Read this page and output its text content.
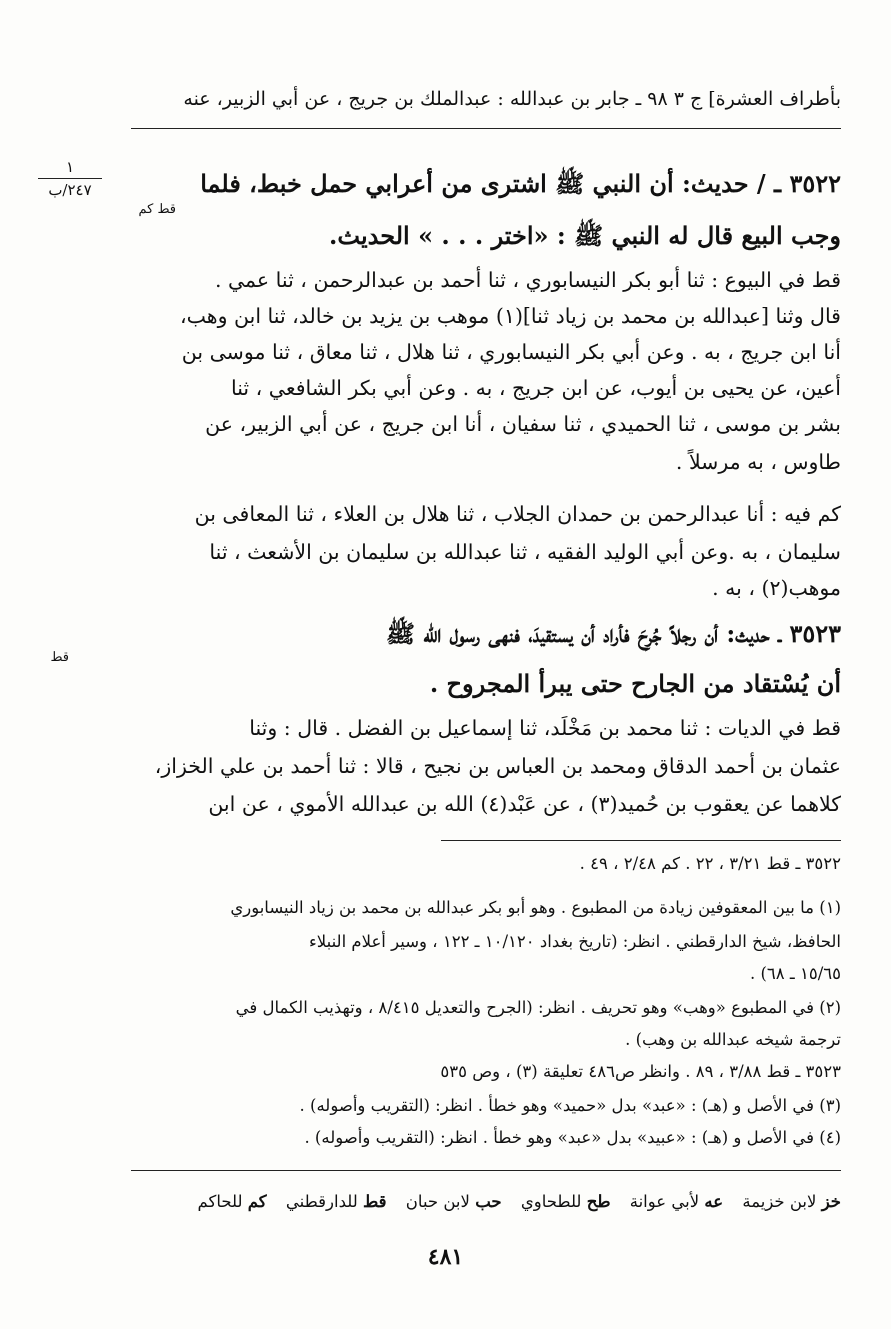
بأطراف العشرة] ج ٣ ٩٨ ـ جابر بن عبدالله : عبدالملك بن جريج ، عن أبي الزبير، عنه
١
٢٤٧/ب	٣٥٢٢ ـ / حديث: أن النبي ﷺ اشترى من أعرابي حمل خبط، فلما
قط كم
وجب البيع قال له النبي ﷺ : «اختر . . . » الحديث.
قط في البيوع : ثنا أبو بكر النيسابوري ، ثنا أحمد بن عبدالرحمن ، ثنا عمي .
قال وثنا [عبدالله بن محمد بن زياد ثنا](١) موهب بن يزيد بن خالد، ثنا ابن وهب،
أنا ابن جريج ، به . وعن أبي بكر النيسابوري ، ثنا هلال ، ثنا معاق ، ثنا موسى بن
أعين، عن يحيى بن أيوب، عن ابن جريج ، به . وعن أبي بكر الشافعي ، ثنا
بشر بن موسى ، ثنا الحميدي ، ثنا سفيان ، أنا ابن جريج ، عن أبي الزبير، عن
طاوس ، به مرسلاً .
كم فيه : أنا عبدالرحمن بن حمدان الجلاب ، ثنا هلال بن العلاء ، ثنا المعافى بن
سليمان ، به .وعن أبي الوليد الفقيه ، ثنا عبدالله بن سليمان بن الأشعث ، ثنا
موهب(٢) ، به .
٣٥٢٣ ـ حديث: أن رجلاً جُرِحَ فأراد أن يستقيدَ، فنهى رسول الله ﷺ
قط
أن يُسْتقاد من الجارح حتى يبرأ المجروح .
قط في الديات : ثنا محمد بن مَخْلَد، ثنا إسماعيل بن الفضل . قال : وثنا
عثمان بن أحمد الدقاق ومحمد بن العباس بن نجيح ، قالا : ثنا أحمد بن علي الخزاز،
كلاهما عن يعقوب بن حُميد(٣) ، عن عَبْد(٤) الله بن عبدالله الأموي ، عن ابن
٣٥٢٢ ـ قط ٣/٢١ ، ٢٢ . كم ٢/٤٨ ، ٤٩ .
(١) ما بين المعقوفين زيادة من المطبوع . وهو أبو بكر عبدالله بن محمد بن زياد النيسابوري
الحافظ، شيخ الدارقطني . انظر: (تاريخ بغداد ١٠/١٢٠ ـ ١٢٢ ، وسير أعلام النبلاء
١٥/٦٥ ـ ٦٨) .
(٢) في المطبوع «وهب» وهو تحريف . انظر: (الجرح والتعديل ٨/٤١٥ ، وتهذيب الكمال في
ترجمة شيخه عبدالله بن وهب) .
٣٥٢٣ ـ قط ٣/٨٨ ، ٨٩ . وانظر ص٤٨٦ تعليقة (٣) ، وص ٥٣٥
(٣) في الأصل و (هـ) : «عبد» بدل «حميد» وهو خطأ . انظر: (التقريب وأصوله) .
(٤) في الأصل و (هـ) : «عبيد» بدل «عبد» وهو خطأ . انظر: (التقريب وأصوله) .
خز لابن خزيمة عه لأبي عوانة طح للطحاوي حب لابن حبان قط للدارقطني كم للحاكم
٤٨١
